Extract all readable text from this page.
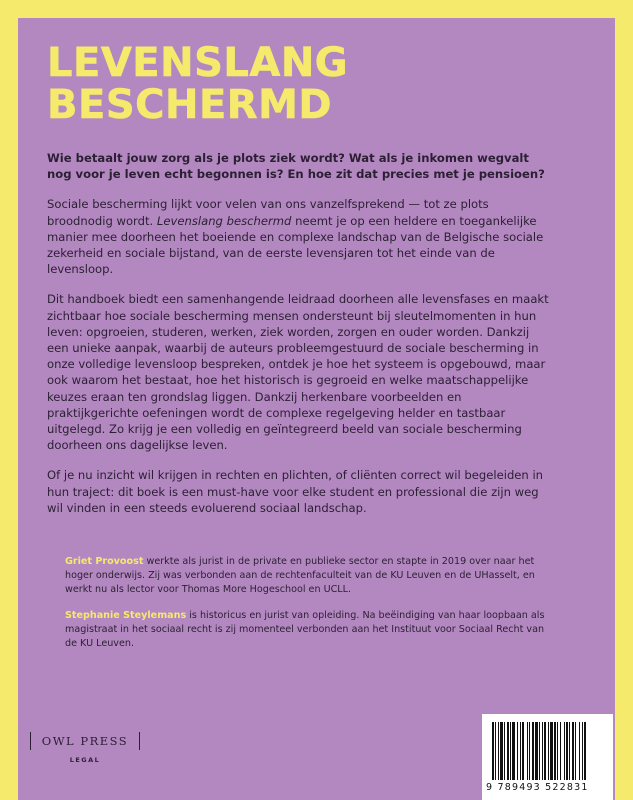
LEVENSLANG
BESCHERMD

Wie betaalt jouw zorg als je plots ziek wordt? Wat als je inkomen wegvalt nog voor je leven echt begonnen is? En hoe zit dat precies met je pensioen?

Sociale bescherming lijkt voor velen van ons vanzelfsprekend — tot ze plots broodnodig wordt. Levenslang beschermd neemt je op een heldere en toegankelijke manier mee doorheen het boeiende en complexe landschap van de Belgische sociale zekerheid en sociale bijstand, van de eerste levensjaren tot het einde van de levensloop.

Dit handboek biedt een samenhangende leidraad doorheen alle levensfases en maakt zichtbaar hoe sociale bescherming mensen ondersteunt bij sleutelmomenten in hun leven: opgroeien, studeren, werken, ziek worden, zorgen en ouder worden. Dankzij een unieke aanpak, waarbij de auteurs probleemgestuurd de sociale bescherming in onze volledige levensloop bespreken, ontdek je hoe het systeem is opgebouwd, maar ook waarom het bestaat, hoe het historisch is gegroeid en welke maatschappelijke keuzes eraan ten grondslag liggen. Dankzij herkenbare voorbeelden en praktijkgerichte oefeningen wordt de complexe regelgeving helder en tastbaar uitgelegd. Zo krijg je een volledig en geïntegreerd beeld van sociale bescherming doorheen ons dagelijkse leven.

Of je nu inzicht wil krijgen in rechten en plichten, of cliënten correct wil begeleiden in hun traject: dit boek is een must-have voor elke student en professional die zijn weg wil vinden in een steeds evoluerend sociaal landschap.

Griet Provoost werkte als jurist in de private en publieke sector en stapte in 2019 over naar het hoger onderwijs. Zij was verbonden aan de rechtenfaculteit van de KU Leuven en de UHasselt, en werkt nu als lector voor Thomas More Hogeschool en UCLL.

Stephanie Steylemans is historicus en jurist van opleiding. Na beëindiging van haar loopbaan als magistraat in het sociaal recht is zij momenteel verbonden aan het Instituut voor Sociaal Recht van de KU Leuven.

OWL PRESS
LEGAL
9 789493 522831
